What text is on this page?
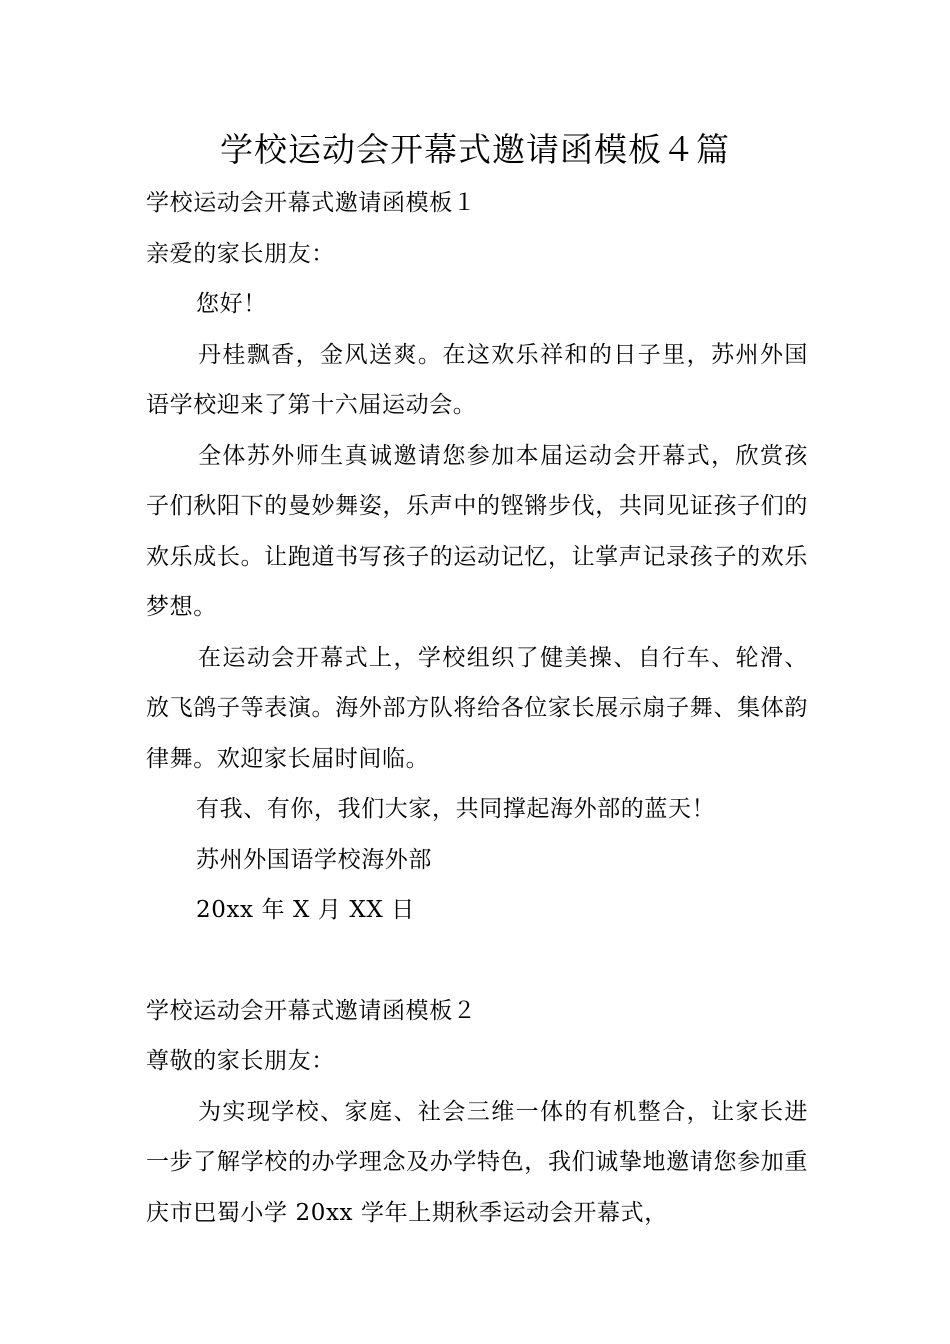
学校运动会开幕式邀请函模板４篇

学校运动会开幕式邀请函模板１

亲爱的家长朋友：

您好！

丹桂飘香，金风送爽。在这欢乐祥和的日子里，苏州外国语学校迎来了第十六届运动会。

全体苏外师生真诚邀请您参加本届运动会开幕式，欣赏孩子们秋阳下的曼妙舞姿，乐声中的铿锵步伐，共同见证孩子们的欢乐成长。让跑道书写孩子的运动记忆，让掌声记录孩子的欢乐梦想。

在运动会开幕式上，学校组织了健美操、自行车、轮滑、放飞鸽子等表演。海外部方队将给各位家长展示扇子舞、集体韵律舞。欢迎家长届时间临。

有我、有你，我们大家，共同撑起海外部的蓝天！

苏州外国语学校海外部

20xx 年 X 月 XX 日

学校运动会开幕式邀请函模板２

尊敬的家长朋友：

为实现学校、家庭、社会三维一体的有机整合，让家长进一步了解学校的办学理念及办学特色，我们诚挚地邀请您参加重庆市巴蜀小学 20xx 学年上期秋季运动会开幕式，
